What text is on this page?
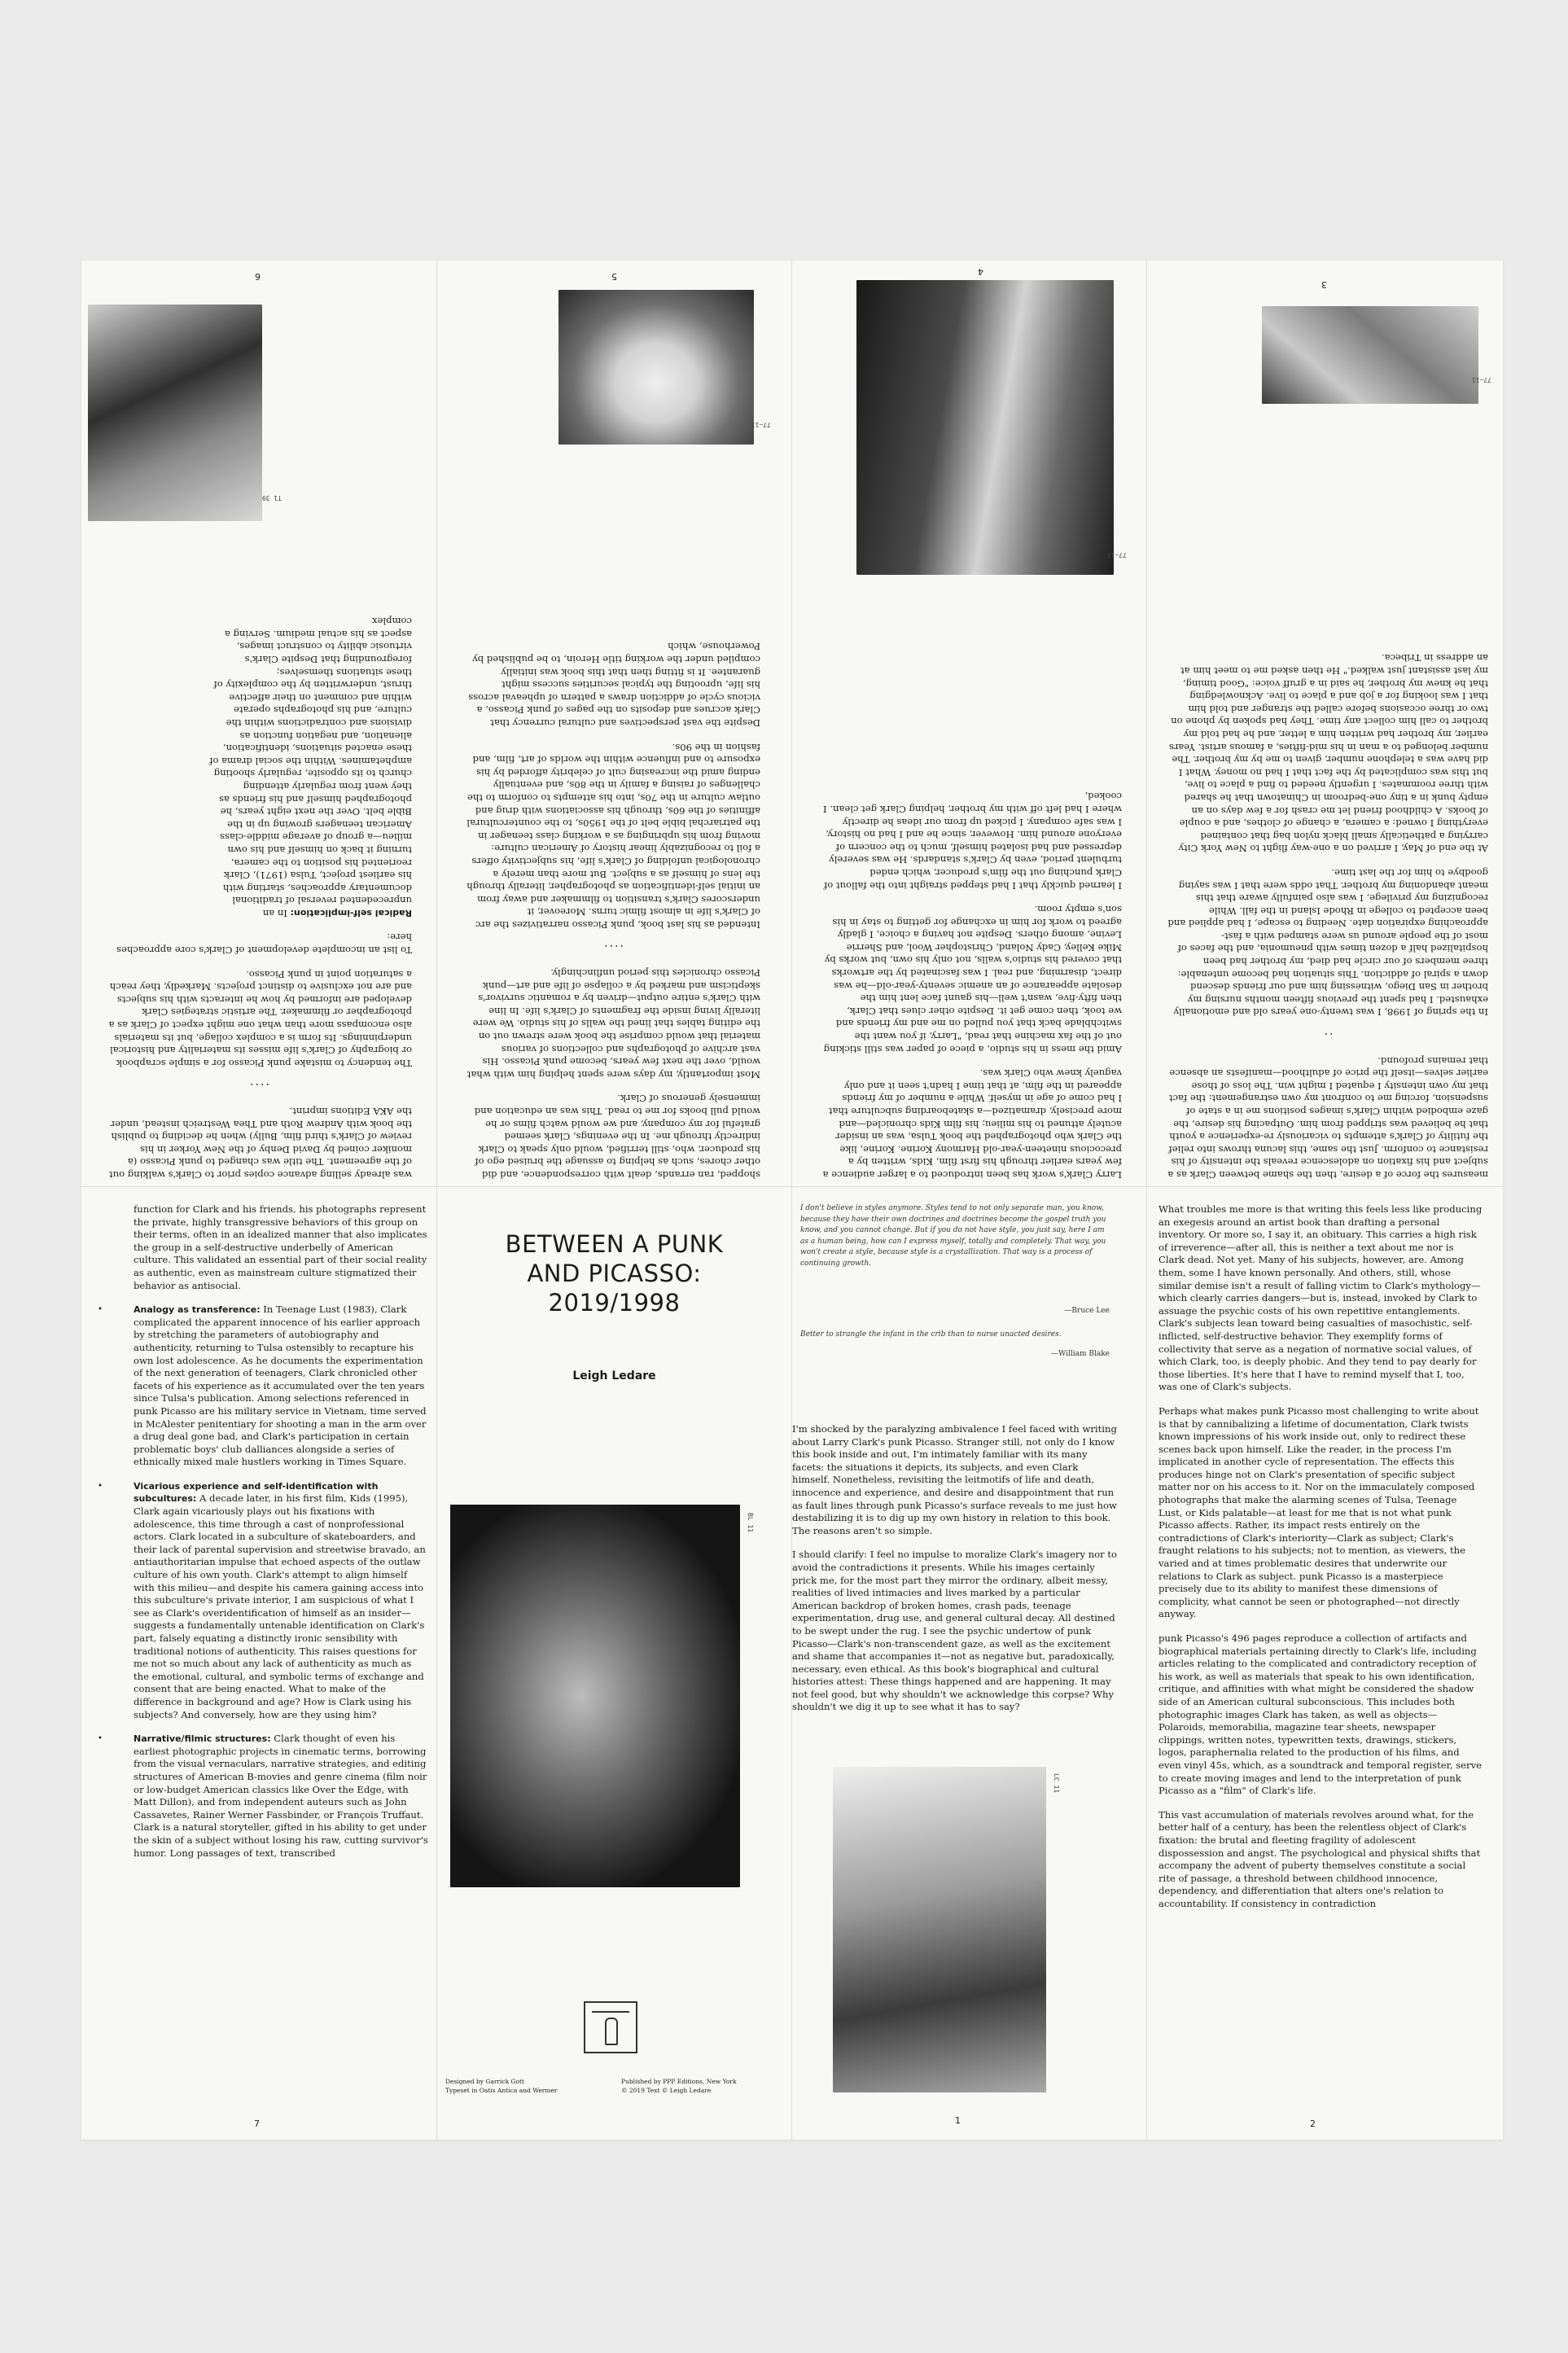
T1 39
6

was already selling advance copies prior to Clark's walking out of the agreement. The title was changed to punk Picasso (a moniker coined by David Denby of the New Yorker in his review of Clark's third film, Bully) when he deciding to publish the book with Andrew Roth and Thea Westreich instead, under the AKA Editions imprint.

....

The tendency to mistake punk Picasso for a simple scrapbook or biography of Clark's life misses its materiality and historical underpinnings. Its form is a complex collage, but its materials also encompass more than what one might expect of Clark as a photographer or filmmaker. The artistic strategies Clark developed are informed by how he interacts with his subjects and are not exclusive to distinct projects. Markedly, they reach a saturation point in punk Picasso.

To list an incomplete development of Clark's core approaches here:

Radical self-implication: In an unprecedented reversal of traditional documentary approaches, starting with his earliest project, Tulsa (1971), Clark reoriented his position to the camera, turning it back on himself and his own milieu—a group of average middle-class American teenagers growing up in the Bible belt. Over the next eight years, he photographed himself and his friends as they went from regularly attending church to its opposite, regularly shooting amphetamines. Within the social drama of these enacted situations, identification, alienation, and negation function as divisions and contradictions within the culture, and his photographs operate within and comment on their affective thrust, underwritten by the complexity of these situations themselves; foregrounding that Despite Clark's virtuosic ability to construct images, aspect as his actual medium. Serving a complex

77–11
5

shopped, ran errands, dealt with correspondence, and did other chores, such as helping to assuage the bruised ego of his producer, who, still terrified, would only speak to Clark indirectly through me. In the evenings, Clark seemed grateful for my company, and we would watch films or he would pull books for me to read. This was an education and immensely generous of Clark.

Most importantly, my days were spent helping him with what would, over the next few years, become punk Picasso. His vast archive of photographs and collections of various material that would comprise the book were strewn out on the editing tables that lined the walls of his studio. We were literally living inside the fragments of Clark's life. In line with Clark's entire output—driven by a romantic survivor's skepticism and marked by a collapse of life and art—punk Picasso chronicles this period unflinchingly.

....

Intended as his last book, punk Picasso narrativizes the arc of Clark's life in almost filmic turns. Moreover, it underscores Clark's transition to filmmaker and away from an initial self-identification as photographer, literally through the lens of himself as a subject. But more than merely a chronological unfolding of Clark's life, his subjectivity offers a foil to recognizably linear history of American culture: moving from his upbringing as a working class teenager in the patriarchal bible belt of the 1950s, to the countercultural affinities of the 60s, through his associations with drug and outlaw culture in the 70s, into his attempts to conform to the challenges of raising a family in the 80s, and eventually ending amid the increasing cult of celebrity afforded by his exposure to and influence within the worlds of art, film, and fashion in the 90s.

Despite the vast perspectives and cultural currency that Clark accrues and deposits on the pages of punk Picasso, a vicious cycle of addiction draws a pattern of upheaval across his life, uprooting the typical securities success might guarantee. It is fitting then that this book was initially compiled under the working title Heroin, to be published by Powerhouse, which

77–11
4

Larry Clark's work has been introduced to a larger audience a few years earlier through his first film, Kids, written by a precocious nineteen-year-old Harmony Korine. Korine, like the Clark who photographed the book Tulsa, was an insider acutely attuned to his milieu; his film Kids chronicled—and more precisely, dramatized—a skateboarding subculture that I had come of age in myself. While a number of my friends appeared in the film, at that time I hadn't seen it and only vaguely knew who Clark was.

Amid the mess in his studio, a piece of paper was still sticking out of the fax machine that read, "Larry, if you want the switchblade back that you pulled on me and my friends and we took, then come get it. Despite other clues that Clark, then fifty-five, wasn't well—his gaunt face lent him the desolate appearance of an anemic seventy-year-old—he was direct, disarming, and real. I was fascinated by the artworks that covered his studio's walls, not only his own, but works by Mike Kelley, Cady Noland, Christopher Wool, and Sherrie Levine, among others. Despite not having a choice, I gladly agreed to work for him in exchange for getting to stay in his son's empty room.

I learned quickly that I had stepped straight into the fallout of Clark punching out the film's producer, which ended turbulent period, even by Clark's standards. He was severely depressed and had isolated himself, much to the concern of everyone around him. However, since he and I had no history, I was safe company. I picked up from our ideas he directly where I had left off with my brother, helping Clark get clean. I cooked,

77–11
3

measures the force of a desire, then the shame between Clark as a subject and his fixation on adolescence reveals the intensity of his resistance to conform. Just the same, this lacuna throws into relief the futility of Clark's attempts to vicariously re-experience a youth that he believed was stripped from him. Outpacing his desire, the gaze embodied within Clark's images positions me in a state of suspension, forcing me to confront my own estrangement: the fact that my own intensity I equated I might win. The loss of those earlier selves—itself the price of adulthood—manifests an absence that remains profound.

..

In the spring of 1998, I was twenty-one years old and emotionally exhausted. I had spent the previous fifteen months nursing my brother in San Diego, witnessing him and our friends descend down a spiral of addiction. This situation had become untenable: three members of our circle had died, my brother had been hospitalized half a dozen times with pneumonia, and the faces of most of the people around us were stamped with a fast-approaching expiration date. Needing to escape, I had applied and been accepted to college in Rhode Island in the fall. While recognizing my privilege, I was also painfully aware that this meant abandoning my brother. That odds were that I was saying goodbye to him for the last time.

At the end of May, I arrived on a one-way flight to New York City carrying a pathetically small black nylon bag that contained everything I owned: a camera, a change of clothes, and a couple of books. A childhood friend let me crash for a few days on an empty bunk in a tiny one-bedroom in Chinatown that he shared with three roommates. I urgently needed to find a place to live, but this was complicated by the fact that I had no money. What I did have was a telephone number, given to me by my brother. The number belonged to a man in his mid-fifties, a famous artist. Years earlier, my brother had written him a letter, and he had told my brother to call him collect any time. They had spoken by phone on two or three occasions before called the stranger and told him that I was looking for a job and a place to live. Acknowledging that he knew my brother, he said in a gruff voice: "Good timing, my last assistant just walked." He then asked me to meet him at an address in Tribeca.

function for Clark and his friends, his photographs represent the private, highly transgressive behaviors of this group on their terms, often in an idealized manner that also implicates the group in a self-destructive underbelly of American culture. This validated an essential part of their social reality as authentic, even as mainstream culture stigmatized their behavior as antisocial.

• Analogy as transference: In Teenage Lust (1983), Clark complicated the apparent innocence of his earlier approach by stretching the parameters of autobiography and authenticity, returning to Tulsa ostensibly to recapture his own lost adolescence. As he documents the experimentation of the next generation of teenagers, Clark chronicled other facets of his experience as it accumulated over the ten years since Tulsa's publication. Among selections referenced in punk Picasso are his military service in Vietnam, time served in McAlester penitentiary for shooting a man in the arm over a drug deal gone bad, and Clark's participation in certain problematic boys' club dalliances alongside a series of ethnically mixed male hustlers working in Times Square.

• Vicarious experience and self-identification with subcultures: A decade later, in his first film, Kids (1995), Clark again vicariously plays out his fixations with adolescence, this time through a cast of nonprofessional actors. Clark located in a subculture of skateboarders, and their lack of parental supervision and streetwise bravado, an antiauthoritarian impulse that echoed aspects of the outlaw culture of his own youth. Clark's attempt to align himself with this milieu—and despite his camera gaining access into this subculture's private interior, I am suspicious of what I see as Clark's overidentification of himself as an insider—suggests a fundamentally untenable identification on Clark's part, falsely equating a distinctly ironic sensibility with traditional notions of authenticity. This raises questions for me not so much about any lack of authenticity as much as the emotional, cultural, and symbolic terms of exchange and consent that are being enacted. What to make of the difference in background and age? How is Clark using his subjects? And conversely, how are they using him?

• Narrative/filmic structures: Clark thought of even his earliest photographic projects in cinematic terms, borrowing from the visual vernaculars, narrative strategies, and editing structures of American B-movies and genre cinema (film noir or low-budget American classics like Over the Edge, with Matt Dillon), and from independent auteurs such as John Cassavetes, Rainer Werner Fassbinder, or François Truffaut. Clark is a natural storyteller, gifted in his ability to get under the skin of a subject without losing his raw, cutting survivor's humor. Long passages of text, transcribed

7
BETWEEN A PUNK
AND PICASSO:
2019/1998
Leigh Ledare
BL 11
Designed by Garrick Gott
Typeset in Oatis Antica and Wermer
Published by PPP Editions, New York
© 2019 Text © Leigh Ledare
I don't believe in styles anymore. Styles tend to not only separate man, you know, because they have their own doctrines and doctrines become the gospel truth you know, and you cannot change. But if you do not have style, you just say, here I am as a human being, how can I express myself, totally and completely. That way, you won't create a style, because style is a crystallization. That way is a process of continuing growth.
—Bruce Lee
Better to strangle the infant in the crib than to nurse unacted desires.
—William Blake

I'm shocked by the paralyzing ambivalence I feel faced with writing about Larry Clark's punk Picasso. Stranger still, not only do I know this book inside and out, I'm intimately familiar with its many facets: the situations it depicts, its subjects, and even Clark himself. Nonetheless, revisiting the leitmotifs of life and death, innocence and experience, and desire and disappointment that run as fault lines through punk Picasso's surface reveals to me just how destabilizing it is to dig up my own history in relation to this book. The reasons aren't so simple.

I should clarify: I feel no impulse to moralize Clark's imagery nor to avoid the contradictions it presents. While his images certainly prick me, for the most part they mirror the ordinary, albeit messy, realities of lived intimacies and lives marked by a particular American backdrop of broken homes, crash pads, teenage experimentation, drug use, and general cultural decay. All destined to be swept under the rug. I see the psychic undertow of punk Picasso—Clark's non-transcendent gaze, as well as the excitement and shame that accompanies it—not as negative but, paradoxically, necessary, even ethical. As this book's biographical and cultural histories attest: These things happened and are happening. It may not feel good, but why shouldn't we acknowledge this corpse? Why shouldn't we dig it up to see what it has to say?

LC 11
1

What troubles me more is that writing this feels less like producing an exegesis around an artist book than drafting a personal inventory. Or more so, I say it, an obituary. This carries a high risk of irreverence—after all, this is neither a text about me nor is Clark dead. Not yet. Many of his subjects, however, are. Among them, some I have known personally. And others, still, whose similar demise isn't a result of falling victim to Clark's mythology—which clearly carries dangers—but is, instead, invoked by Clark to assuage the psychic costs of his own repetitive entanglements. Clark's subjects lean toward being casualties of masochistic, self-inflicted, self-destructive behavior. They exemplify forms of collectivity that serve as a negation of normative social values, of which Clark, too, is deeply phobic. And they tend to pay dearly for those liberties. It's here that I have to remind myself that I, too, was one of Clark's subjects.

Perhaps what makes punk Picasso most challenging to write about is that by cannibalizing a lifetime of documentation, Clark twists known impressions of his work inside out, only to redirect these scenes back upon himself. Like the reader, in the process I'm implicated in another cycle of representation. The effects this produces hinge not on Clark's presentation of specific subject matter nor on his access to it. Nor on the immaculately composed photographs that make the alarming scenes of Tulsa, Teenage Lust, or Kids palatable—at least for me that is not what punk Picasso affects. Rather, its impact rests entirely on the contradictions of Clark's interiority—Clark as subject; Clark's fraught relations to his subjects; not to mention, as viewers, the varied and at times problematic desires that underwrite our relations to Clark as subject. punk Picasso is a masterpiece precisely due to its ability to manifest these dimensions of complicity, what cannot be seen or photographed—not directly anyway.

punk Picasso's 496 pages reproduce a collection of artifacts and biographical materials pertaining directly to Clark's life, including articles relating to the complicated and contradictory reception of his work, as well as materials that speak to his own identification, critique, and affinities with what might be considered the shadow side of an American cultural subconscious. This includes both photographic images Clark has taken, as well as objects—Polaroids, memorabilia, magazine tear sheets, newspaper clippings, written notes, typewritten texts, drawings, stickers, logos, paraphernalia related to the production of his films, and even vinyl 45s, which, as a soundtrack and temporal register, serve to create moving images and lend to the interpretation of punk Picasso as a "film" of Clark's life.

This vast accumulation of materials revolves around what, for the better half of a century, has been the relentless object of Clark's fixation: the brutal and fleeting fragility of adolescent dispossession and angst. The psychological and physical shifts that accompany the advent of puberty themselves constitute a social rite of passage, a threshold between childhood innocence, dependency, and differentiation that alters one's relation to accountability. If consistency in contradiction

2
